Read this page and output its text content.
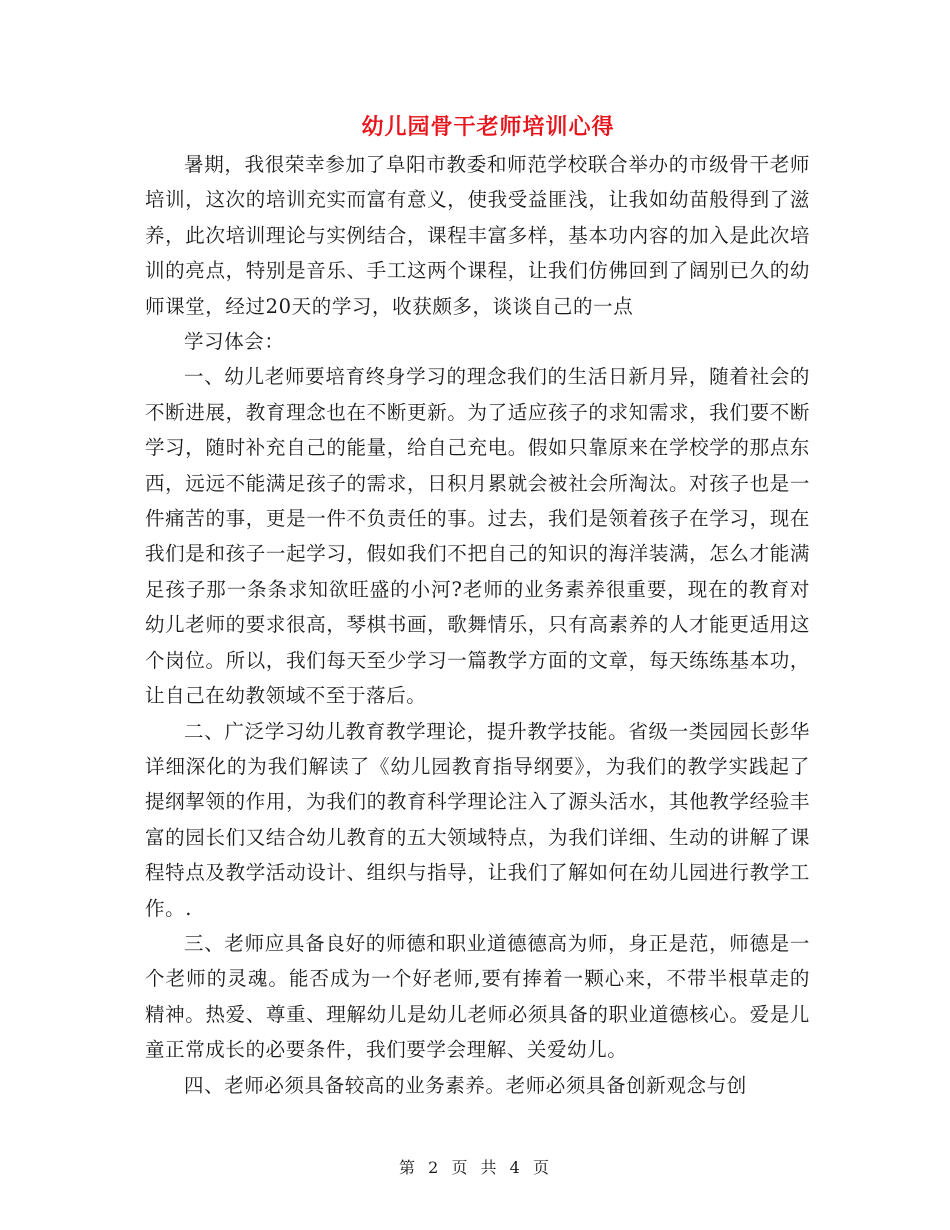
幼儿园骨干老师培训心得

暑期，我很荣幸参加了阜阳市教委和师范学校联合举办的市级骨干老师培训，这次的培训充实而富有意义，使我受益匪浅，让我如幼苗般得到了滋养，此次培训理论与实例结合，课程丰富多样，基本功内容的加入是此次培训的亮点，特别是音乐、手工这两个课程，让我们仿佛回到了阔别已久的幼师课堂，经过20天的学习，收获颇多，谈谈自己的一点

学习体会：

一、幼儿老师要培育终身学习的理念我们的生活日新月异，随着社会的不断进展，教育理念也在不断更新。为了适应孩子的求知需求，我们要不断学习，随时补充自己的能量，给自己充电。假如只靠原来在学校学的那点东西，远远不能满足孩子的需求，日积月累就会被社会所淘汰。对孩子也是一件痛苦的事，更是一件不负责任的事。过去，我们是领着孩子在学习，现在我们是和孩子一起学习，假如我们不把自己的知识的海洋装满，怎么才能满足孩子那一条条求知欲旺盛的小河?老师的业务素养很重要，现在的教育对幼儿老师的要求很高，琴棋书画，歌舞情乐，只有高素养的人才能更适用这个岗位。所以，我们每天至少学习一篇教学方面的文章，每天练练基本功，让自己在幼教领域不至于落后。

二、广泛学习幼儿教育教学理论，提升教学技能。省级一类园园长彭华详细深化的为我们解读了《幼儿园教育指导纲要》，为我们的教学实践起了提纲挈领的作用，为我们的教育科学理论注入了源头活水，其他教学经验丰富的园长们又结合幼儿教育的五大领域特点，为我们详细、生动的讲解了课程特点及教学活动设计、组织与指导，让我们了解如何在幼儿园进行教学工作。.

三、老师应具备良好的师德和职业道德德高为师，身正是范，师德是一个老师的灵魂。能否成为一个好老师,要有捧着一颗心来，不带半根草走的精神。热爱、尊重、理解幼儿是幼儿老师必须具备的职业道德核心。爱是儿童正常成长的必要条件，我们要学会理解、关爱幼儿。

四、老师必须具备较高的业务素养。老师必须具备创新观念与创

第 2 页 共 4 页
